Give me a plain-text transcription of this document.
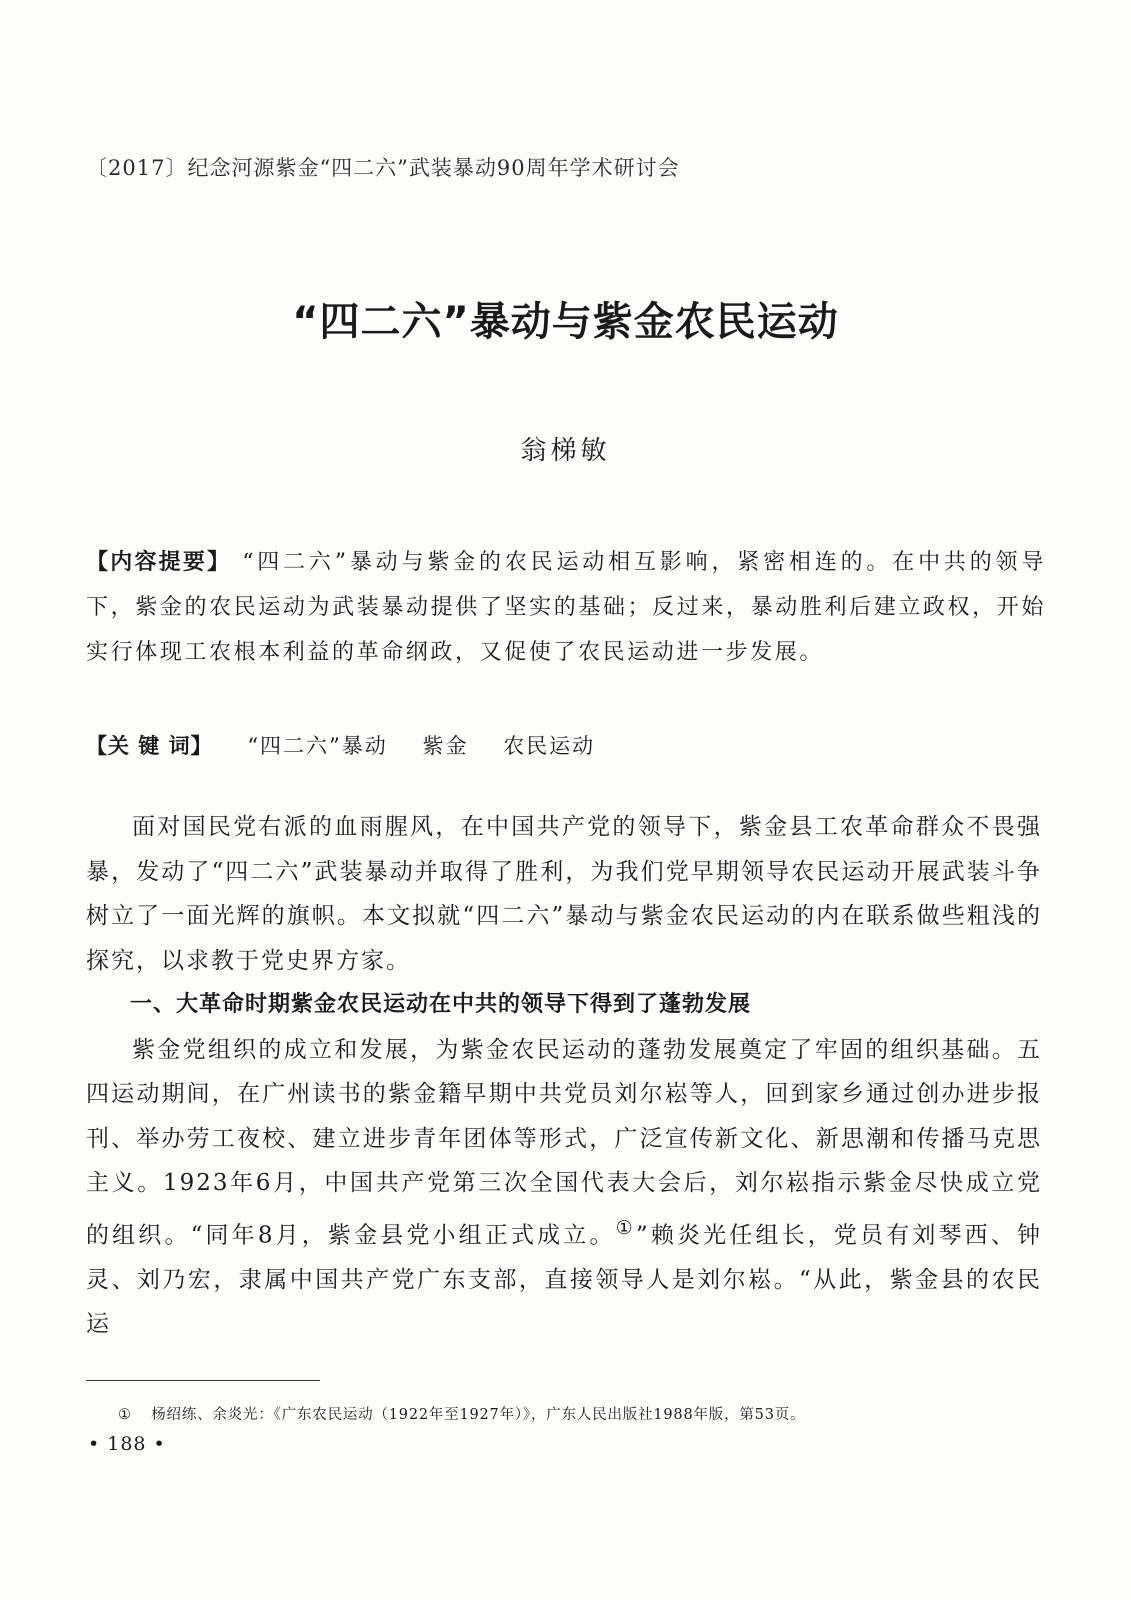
〔2017〕纪念河源紫金“四二六”武装暴动90周年学术研讨会
“四二六”暴动与紫金农民运动
翁梯敏
【内容提要】 “四二六”暴动与紫金的农民运动相互影响，紧密相连的。在中共的领导下，紫金的农民运动为武装暴动提供了坚实的基础；反过来，暴动胜利后建立政权，开始实行体现工农根本利益的革命纲政，又促使了农民运动进一步发展。
【关 键 词】 “四二六”暴动 紫金 农民运动

面对国民党右派的血雨腥风，在中国共产党的领导下，紫金县工农革命群众不畏强暴，发动了“四二六”武装暴动并取得了胜利，为我们党早期领导农民运动开展武装斗争树立了一面光辉的旗帜。本文拟就“四二六”暴动与紫金农民运动的内在联系做些粗浅的探究，以求教于党史界方家。

一、大革命时期紫金农民运动在中共的领导下得到了蓬勃发展

紫金党组织的成立和发展，为紫金农民运动的蓬勃发展奠定了牢固的组织基础。五四运动期间，在广州读书的紫金籍早期中共党员刘尔崧等人，回到家乡通过创办进步报刊、举办劳工夜校、建立进步青年团体等形式，广泛宣传新文化、新思潮和传播马克思主义。1923年6月，中国共产党第三次全国代表大会后，刘尔崧指示紫金尽快成立党的组织。“同年8月，紫金县党小组正式成立。①”赖炎光任组长，党员有刘琴西、钟灵、刘乃宏，隶属中国共产党广东支部，直接领导人是刘尔崧。“从此，紫金县的农民运

① 杨绍练、余炎光：《广东农民运动（1922年至1927年）》，广东人民出版社1988年版，第53页。
• 188 •
